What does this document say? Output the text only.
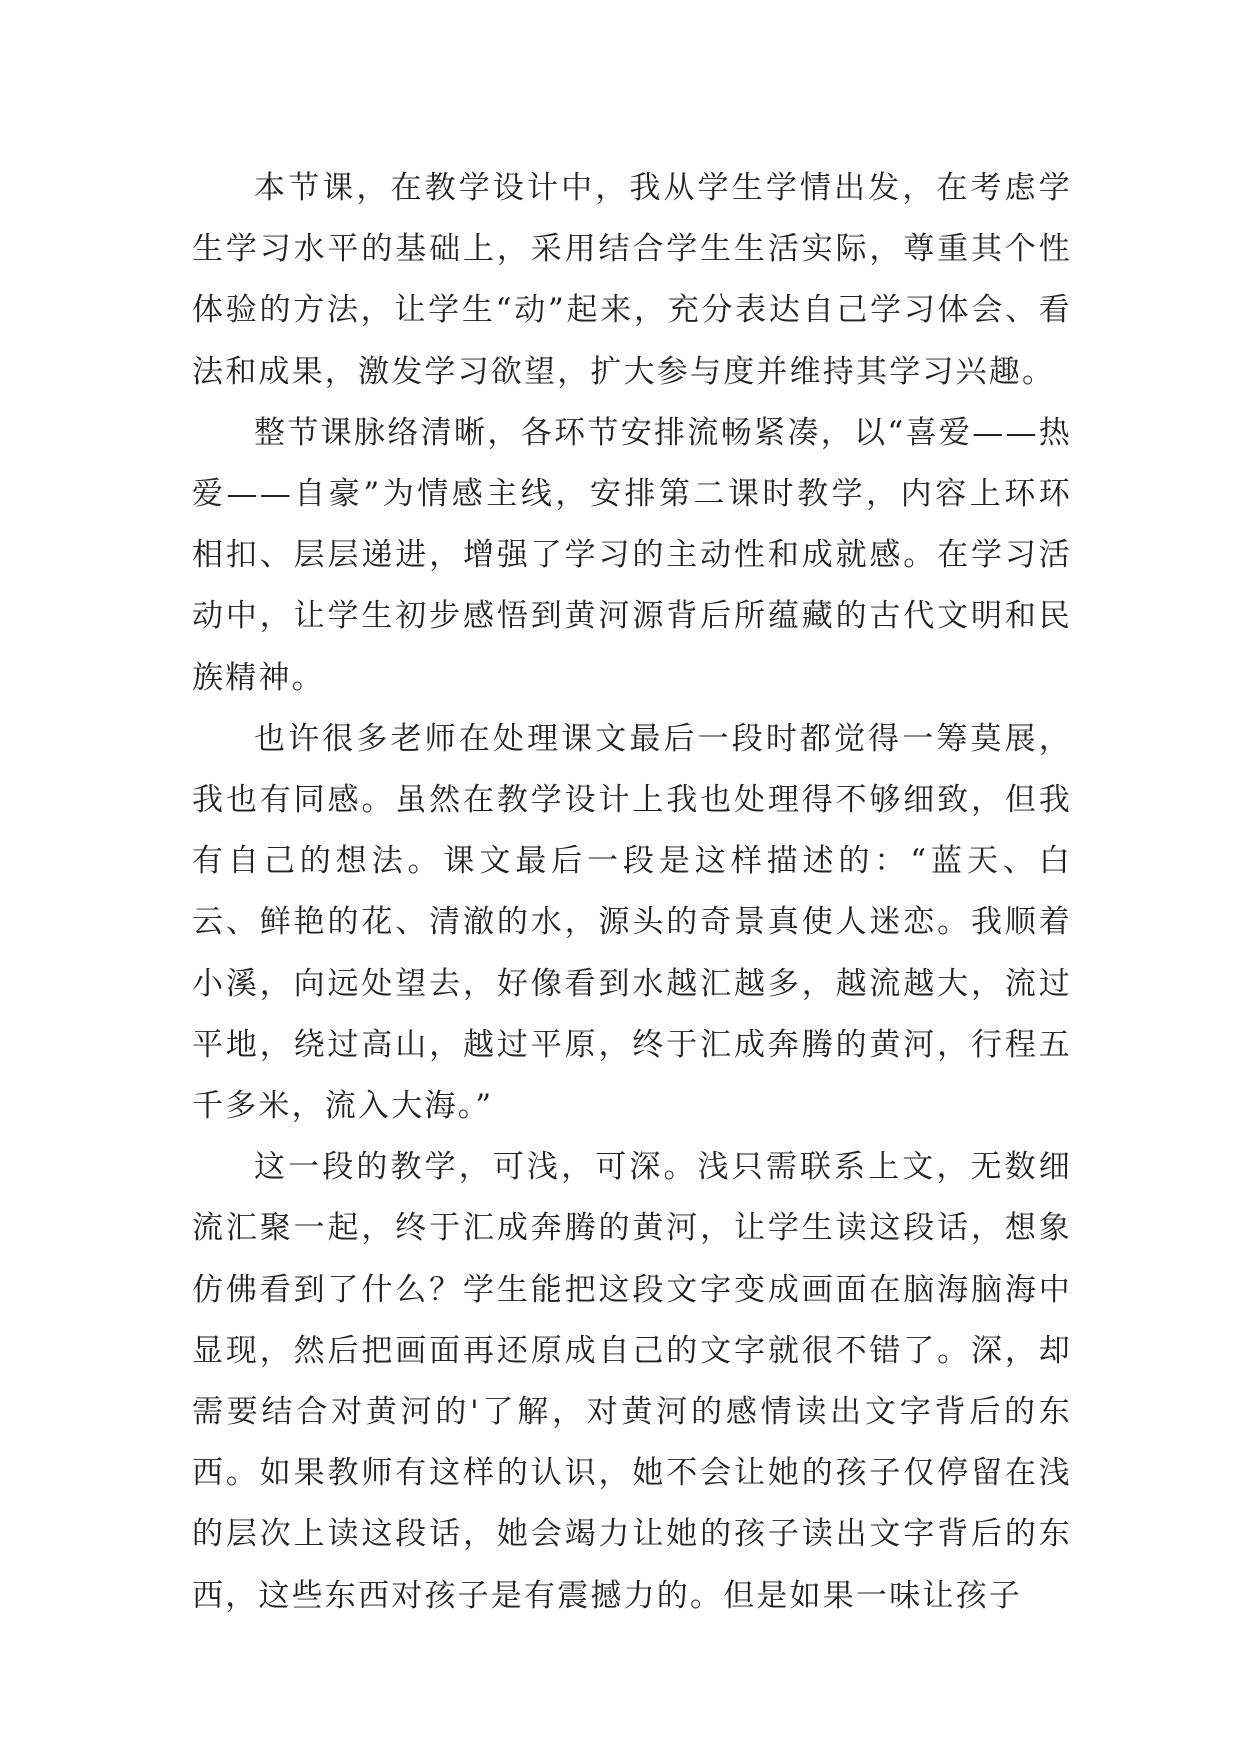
本节课，在教学设计中，我从学生学情出发，在考虑学生学习水平的基础上，采用结合学生生活实际，尊重其个性体验的方法，让学生“动”起来，充分表达自己学习体会、看法和成果，激发学习欲望，扩大参与度并维持其学习兴趣。

整节课脉络清晰，各环节安排流畅紧凑，以“喜爱——热爱——自豪”为情感主线，安排第二课时教学，内容上环环相扣、层层递进，增强了学习的主动性和成就感。在学习活动中，让学生初步感悟到黄河源背后所蕴藏的古代文明和民族精神。

也许很多老师在处理课文最后一段时都觉得一筹莫展，我也有同感。虽然在教学设计上我也处理得不够细致，但我有自己的想法。课文最后一段是这样描述的：“蓝天、白云、鲜艳的花、清澈的水，源头的奇景真使人迷恋。我顺着小溪，向远处望去，好像看到水越汇越多，越流越大，流过平地，绕过高山，越过平原，终于汇成奔腾的黄河，行程五千多米，流入大海。”

这一段的教学，可浅，可深。浅只需联系上文，无数细流汇聚一起，终于汇成奔腾的黄河，让学生读这段话，想象仿佛看到了什么？学生能把这段文字变成画面在脑海脑海中显现，然后把画面再还原成自己的文字就很不错了。深，却需要结合对黄河的'了解，对黄河的感情读出文字背后的东西。如果教师有这样的认识，她不会让她的孩子仅停留在浅的层次上读这段话，她会竭力让她的孩子读出文字背后的东西，这些东西对孩子是有震撼力的。但是如果一味让孩子
